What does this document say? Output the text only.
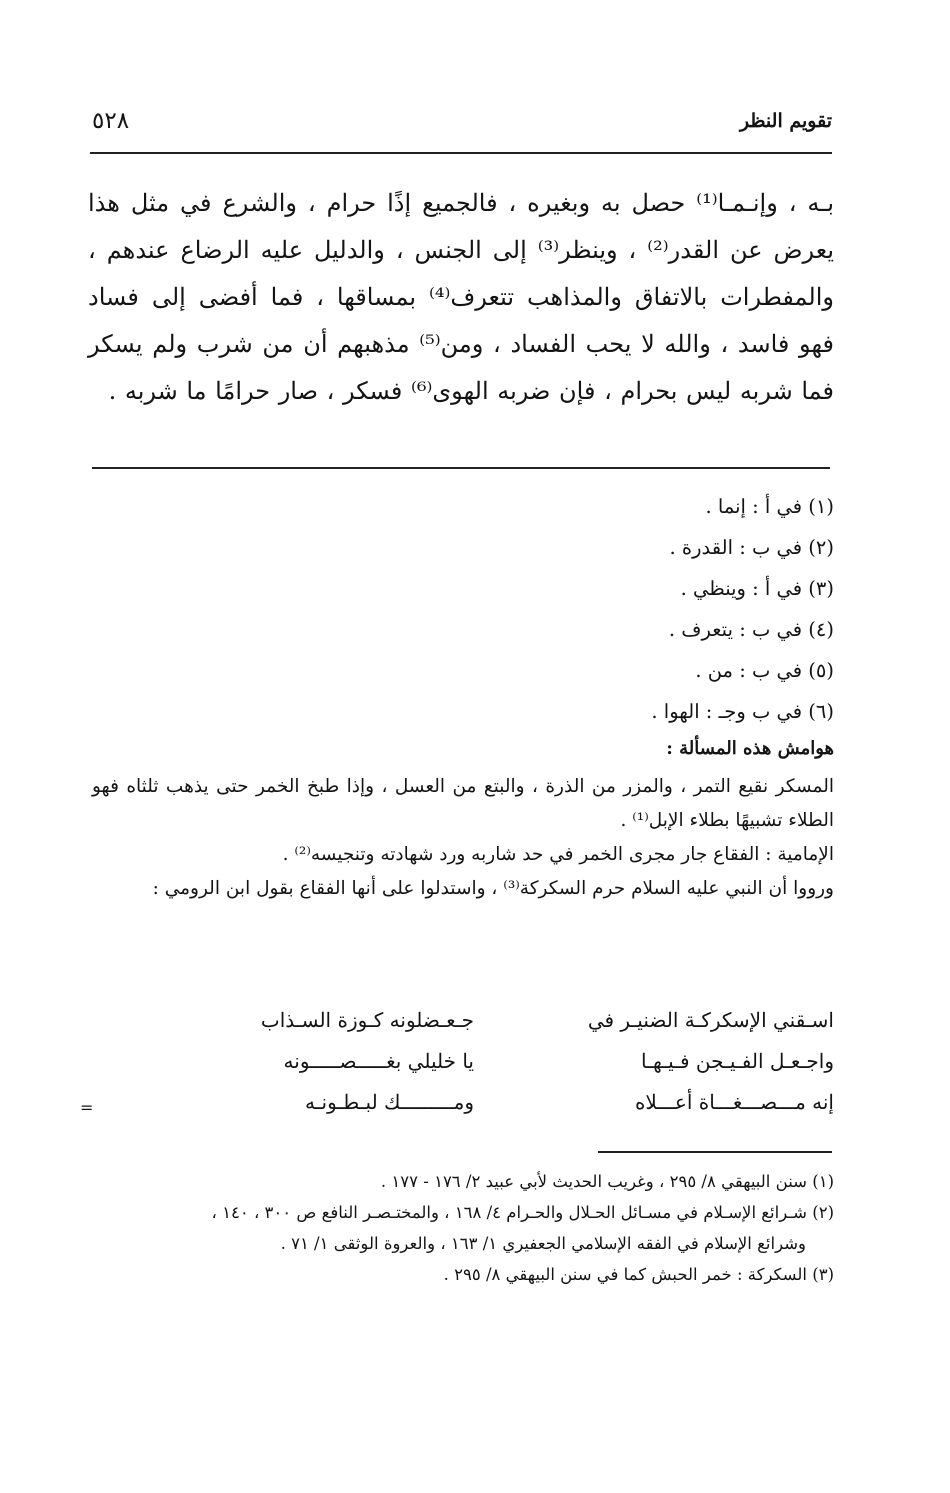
٥٢٨	تقويم النظر
بـه ، وإنـمـا⁽¹⁾ حصل به وبغيره ، فالجميع إذًا حرام ، والشرع في مثل هذا يعرض عن القدر⁽²⁾ ، وينظر⁽³⁾ إلى الجنس ، والدليل عليه الرضاع عندهم ، والمفطرات بالاتفاق والمذاهب تتعرف⁽⁴⁾ بمساقها ، فما أفضى إلى فساد فهو فاسد ، والله لا يحب الفساد ، ومن⁽⁵⁾ مذهبهم أن من شرب ولم يسكر فما شربه ليس بحرام ، فإن ضربه الهوى⁽⁶⁾ فسكر ، صار حرامًا ما شربه .
(١) في أ : إنما .
(٢) في ب : القدرة .
(٣) في أ : وينظي .
(٤) في ب : يتعرف .
(٥) في ب : من .
(٦) في ب وجـ : الهوا .
هوامش هذه المسألة :
المسكر نقيع التمر ، والمزر من الذرة ، والبتع من العسل ، وإذا طبخ الخمر حتى يذهب ثلثاه فهو الطلاء تشبيهًا بطلاء الإبل⁽¹⁾ .
الإمامية : الفقاع جار مجرى الخمر في حد شاربه ورد شهادته وتنجيسه⁽²⁾ .
ورووا أن النبي عليه السلام حرم السكركة⁽³⁾ ، واستدلوا على أنها الفقاع بقول ابن الرومي :
اسـقني الإسكركـة الضنيـر في
جـعـضلونه كـوزة السـذاب
واجـعـل الفـيـجن فـيـهـا
يا خليلي بغـــــصـــــونه
إنه مـــصـــغـــاة أعـــلاه
ومـــــــــك لبـطـونـه
=
(١) سنن البيهقي ٨/ ٢٩٥ ، وغريب الحديث لأبي عبيد ٢/ ١٧٦ - ١٧٧ .
(٢) شـرائع الإسـلام في مسـائل الحـلال والحـرام ٤/ ١٦٨ ، والمختـصـر النافع ص ٣٠٠ ، ١٤٠ ،
وشرائع الإسلام في الفقه الإسلامي الجعفيري ١/ ١٦٣ ، والعروة الوثقى ١/ ٧١ .
(٣) السكركة : خمر الحبش كما في سنن البيهقي ٨/ ٢٩٥ .
